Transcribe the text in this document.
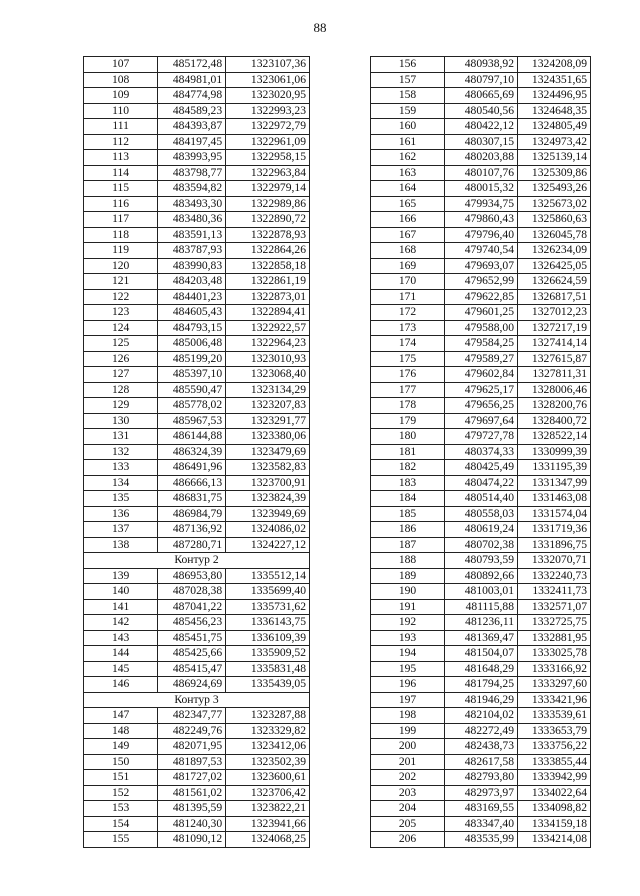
88
107	485172,48	1323107,36
108	484981,01	1323061,06
109	484774,98	1323020,95
110	484589,23	1322993,23
111	484393,87	1322972,79
112	484197,45	1322961,09
113	483993,95	1322958,15
114	483798,77	1322963,84
115	483594,82	1322979,14
116	483493,30	1322989,86
117	483480,36	1322890,72
118	483591,13	1322878,93
119	483787,93	1322864,26
120	483990,83	1322858,18
121	484203,48	1322861,19
122	484401,23	1322873,01
123	484605,43	1322894,41
124	484793,15	1322922,57
125	485006,48	1322964,23
126	485199,20	1323010,93
127	485397,10	1323068,40
128	485590,47	1323134,29
129	485778,02	1323207,83
130	485967,53	1323291,77
131	486144,88	1323380,06
132	486324,39	1323479,69
133	486491,96	1323582,83
134	486666,13	1323700,91
135	486831,75	1323824,39
136	486984,79	1323949,69
137	487136,92	1324086,02
138	487280,71	1324227,12
Контур 2		
139	486953,80	1335512,14
140	487028,38	1335699,40
141	487041,22	1335731,62
142	485456,23	1336143,75
143	485451,75	1336109,39
144	485425,66	1335909,52
145	485415,47	1335831,48
146	486924,69	1335439,05
Контур 3		
147	482347,77	1323287,88
148	482249,76	1323329,82
149	482071,95	1323412,06
150	481897,53	1323502,39
151	481727,02	1323600,61
152	481561,02	1323706,42
153	481395,59	1323822,21
154	481240,30	1323941,66
155	481090,12	1324068,25
156	480938,92	1324208,09
157	480797,10	1324351,65
158	480665,69	1324496,95
159	480540,56	1324648,35
160	480422,12	1324805,49
161	480307,15	1324973,42
162	480203,88	1325139,14
163	480107,76	1325309,86
164	480015,32	1325493,26
165	479934,75	1325673,02
166	479860,43	1325860,63
167	479796,40	1326045,78
168	479740,54	1326234,09
169	479693,07	1326425,05
170	479652,99	1326624,59
171	479622,85	1326817,51
172	479601,25	1327012,23
173	479588,00	1327217,19
174	479584,25	1327414,14
175	479589,27	1327615,87
176	479602,84	1327811,31
177	479625,17	1328006,46
178	479656,25	1328200,76
179	479697,64	1328400,72
180	479727,78	1328522,14
181	480374,33	1330999,39
182	480425,49	1331195,39
183	480474,22	1331347,99
184	480514,40	1331463,08
185	480558,03	1331574,04
186	480619,24	1331719,36
187	480702,38	1331896,75
188	480793,59	1332070,71
189	480892,66	1332240,73
190	481003,01	1332411,73
191	481115,88	1332571,07
192	481236,11	1332725,75
193	481369,47	1332881,95
194	481504,07	1333025,78
195	481648,29	1333166,92
196	481794,25	1333297,60
197	481946,29	1333421,96
198	482104,02	1333539,61
199	482272,49	1333653,79
200	482438,73	1333756,22
201	482617,58	1333855,44
202	482793,80	1333942,99
203	482973,97	1334022,64
204	483169,55	1334098,82
205	483347,40	1334159,18
206	483535,99	1334214,08
